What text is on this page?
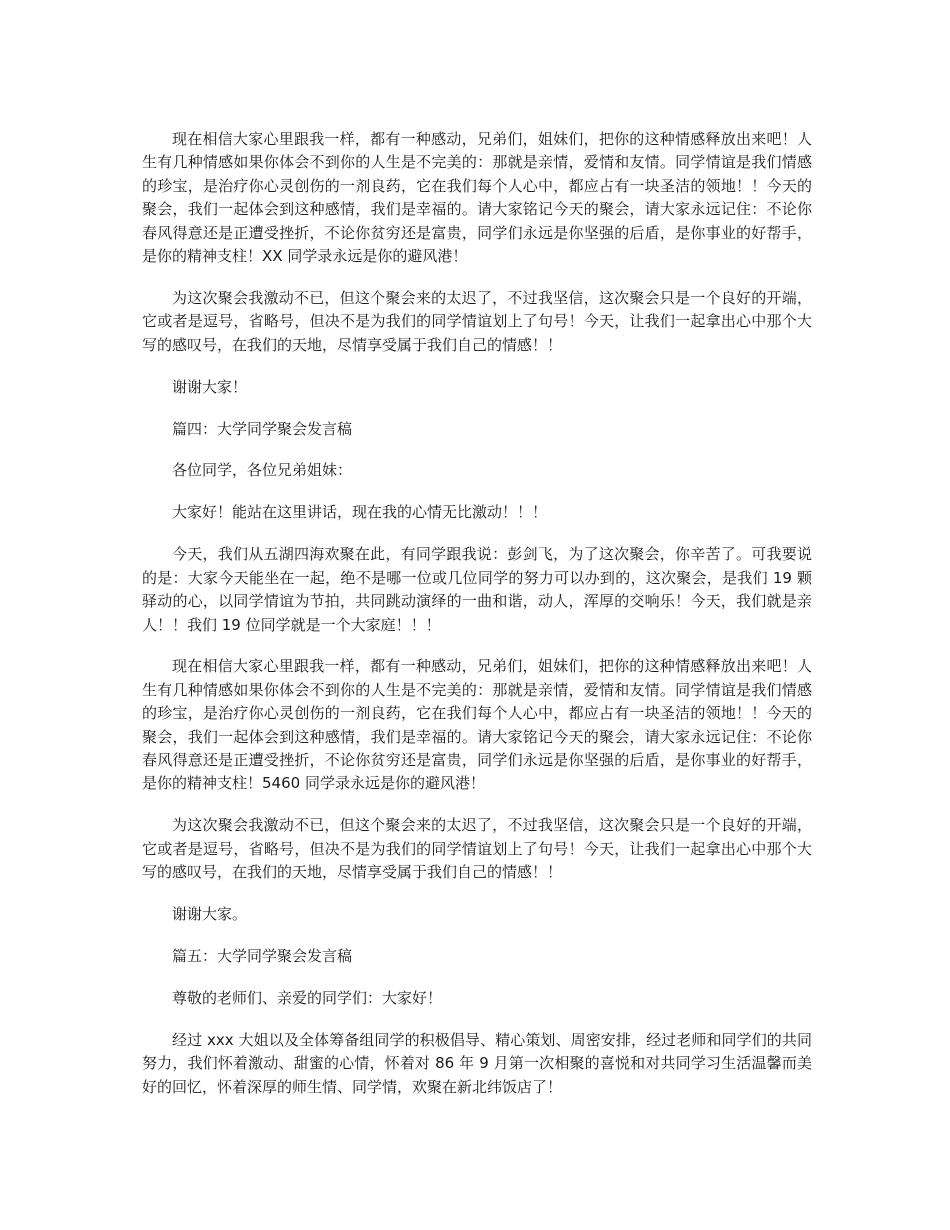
现在相信大家心里跟我一样，都有一种感动，兄弟们，姐妹们，把你的这种情感释放出来吧！人生有几种情感如果你体会不到你的人生是不完美的：那就是亲情，爱情和友情。同学情谊是我们情感的珍宝，是治疗你心灵创伤的一剂良药，它在我们每个人心中，都应占有一块圣洁的领地！！今天的聚会，我们一起体会到这种感情，我们是幸福的。请大家铭记今天的聚会，请大家永远记住：不论你春风得意还是正遭受挫折，不论你贫穷还是富贵，同学们永远是你坚强的后盾，是你事业的好帮手，是你的精神支柱！XX 同学录永远是你的避风港！

为这次聚会我激动不已，但这个聚会来的太迟了，不过我坚信，这次聚会只是一个良好的开端，它或者是逗号，省略号，但决不是为我们的同学情谊划上了句号！今天，让我们一起拿出心中那个大写的感叹号，在我们的天地，尽情享受属于我们自己的情感！！

谢谢大家！

篇四：大学同学聚会发言稿

各位同学，各位兄弟姐妹：

大家好！能站在这里讲话，现在我的心情无比激动！！！

今天，我们从五湖四海欢聚在此，有同学跟我说：彭剑飞，为了这次聚会，你辛苦了。可我要说的是：大家今天能坐在一起，绝不是哪一位或几位同学的努力可以办到的，这次聚会，是我们 19 颗驿动的心，以同学情谊为节拍，共同跳动演绎的一曲和谐，动人，浑厚的交响乐！今天，我们就是亲人！！我们 19 位同学就是一个大家庭！！！

现在相信大家心里跟我一样，都有一种感动，兄弟们，姐妹们，把你的这种情感释放出来吧！人生有几种情感如果你体会不到你的人生是不完美的：那就是亲情，爱情和友情。同学情谊是我们情感的珍宝，是治疗你心灵创伤的一剂良药，它在我们每个人心中，都应占有一块圣洁的领地！！今天的聚会，我们一起体会到这种感情，我们是幸福的。请大家铭记今天的聚会，请大家永远记住：不论你春风得意还是正遭受挫折，不论你贫穷还是富贵，同学们永远是你坚强的后盾，是你事业的好帮手，是你的精神支柱！5460 同学录永远是你的避风港！

为这次聚会我激动不已，但这个聚会来的太迟了，不过我坚信，这次聚会只是一个良好的开端，它或者是逗号，省略号，但决不是为我们的同学情谊划上了句号！今天，让我们一起拿出心中那个大写的感叹号，在我们的天地，尽情享受属于我们自己的情感！！

谢谢大家。

篇五：大学同学聚会发言稿

尊敬的老师们、亲爱的同学们：大家好！

经过 xxx 大姐以及全体筹备组同学的积极倡导、精心策划、周密安排，经过老师和同学们的共同努力，我们怀着激动、甜蜜的心情，怀着对 86 年 9 月第一次相聚的喜悦和对共同学习生活温馨而美好的回忆，怀着深厚的师生情、同学情，欢聚在新北纬饭店了！
